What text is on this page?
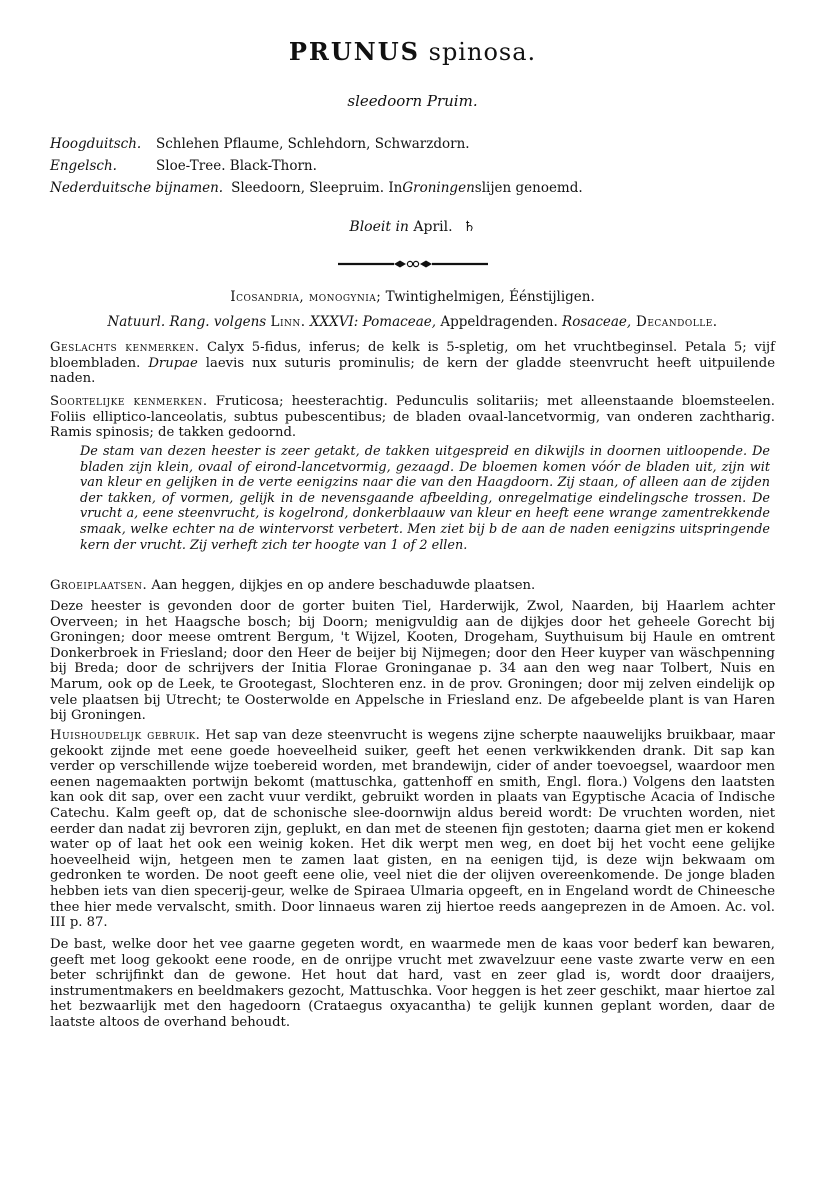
PRUNUS spinosa.
sleedoorn Pruim.
Hoogduitsch.	Schlehen Pflaume, Schlehdorn, Schwarzdorn.
Engelsch.	Sloe-Tree. Black-Thorn.
Nederduitsche bijnamen. Sleedoorn, Sleepruim. In Groningen slijen genoemd.
Bloeit in April. ♄
Icosandria, monogynia; Twintighelmigen, Éénstijligen.
Natuurl. Rang. volgens Linn. XXXVI: Pomaceae, Appeldragenden. Rosaceae, Decandolle.

Geslachts kenmerken. Calyx 5-fidus, inferus; de kelk is 5-spletig, om het vruchtbeginsel. Petala 5; vijf bloembladen. Drupae laevis nux suturis prominulis; de kern der gladde steenvrucht heeft uitpuilende naden.

Soortelijke kenmerken. Fruticosa; heesterachtig. Pedunculis solitariis; met alleenstaande bloemsteelen. Foliis elliptico-lanceolatis, subtus pubescentibus; de bladen ovaal-lancetvormig, van onderen zachtharig. Ramis spinosis; de takken gedoornd.

De stam van dezen heester is zeer getakt, de takken uitgespreid en dikwijls in doornen uitloopende. De bladen zijn klein, ovaal of eirond-lancetvormig, gezaagd. De bloemen komen vóór de bladen uit, zijn wit van kleur en gelijken in de verte eenigzins naar die van den Haagdoorn. Zij staan, of alleen aan de zijden der takken, of vormen, gelijk in de nevensgaande afbeelding, onregelmatige eindelingsche trossen. De vrucht a, eene steenvrucht, is kogelrond, donkerblaauw van kleur en heeft eene wrange zamentrekkende smaak, welke echter na de wintervorst verbetert. Men ziet bij b de aan de naden eenigzins uitspringende kern der vrucht. Zij verheft zich ter hoogte van 1 of 2 ellen.

Groeiplaatsen. Aan heggen, dijkjes en op andere beschaduwde plaatsen.

Deze heester is gevonden door de gorter buiten Tiel, Harderwijk, Zwol, Naarden, bij Haarlem achter Overveen; in het Haagsche bosch; bij Doorn; menigvuldig aan de dijkjes door het geheele Gorecht bij Groningen; door meese omtrent Bergum, 't Wijzel, Kooten, Drogeham, Suythuisum bij Haule en omtrent Donkerbroek in Friesland; door den Heer de beijer bij Nijmegen; door den Heer kuyper van wäschpenning bij Breda; door de schrijvers der Initia Florae Groninganae p. 34 aan den weg naar Tolbert, Nuis en Marum, ook op de Leek, te Grootegast, Slochteren enz. in de prov. Groningen; door mij zelven eindelijk op vele plaatsen bij Utrecht; te Oosterwolde en Appelsche in Friesland enz. De afgebeelde plant is van Haren bij Groningen.

Huishoudelijk gebruik. Het sap van deze steenvrucht is wegens zijne scherpte naauwelijks bruikbaar, maar gekookt zijnde met eene goede hoeveelheid suiker, geeft het eenen verkwikkenden drank. Dit sap kan verder op verschillende wijze toebereid worden, met brandewijn, cider of ander toevoegsel, waardoor men eenen nagemaakten portwijn bekomt (mattuschka, gattenhoff en smith, Engl. flora.) Volgens den laatsten kan ook dit sap, over een zacht vuur verdikt, gebruikt worden in plaats van Egyptische Acacia of Indische Catechu. Kalm geeft op, dat de schonische slee-doornwijn aldus bereid wordt: De vruchten worden, niet eerder dan nadat zij bevroren zijn, geplukt, en dan met de steenen fijn gestoten; daarna giet men er kokend water op of laat het ook een weinig koken. Het dik werpt men weg, en doet bij het vocht eene gelijke hoeveelheid wijn, hetgeen men te zamen laat gisten, en na eenigen tijd, is deze wijn bekwaam om gedronken te worden. De noot geeft eene olie, veel niet die der olijven overeenkomende. De jonge bladen hebben iets van dien specerij-geur, welke de Spiraea Ulmaria opgeeft, en in Engeland wordt de Chineesche thee hier mede vervalscht, smith. Door linnaeus waren zij hiertoe reeds aangeprezen in de Amoen. Ac. vol. III p. 87.

De bast, welke door het vee gaarne gegeten wordt, en waarmede men de kaas voor bederf kan bewaren, geeft met loog gekookt eene roode, en de onrijpe vrucht met zwavelzuur eene vaste zwarte verw en een beter schrijfinkt dan de gewone. Het hout dat hard, vast en zeer glad is, wordt door draaijers, instrumentmakers en beeldmakers gezocht, Mattuschka. Voor heggen is het zeer geschikt, maar hiertoe zal het bezwaarlijk met den hagedoorn (Crataegus oxyacantha) te gelijk kunnen geplant worden, daar de laatste altoos de overhand behoudt.
